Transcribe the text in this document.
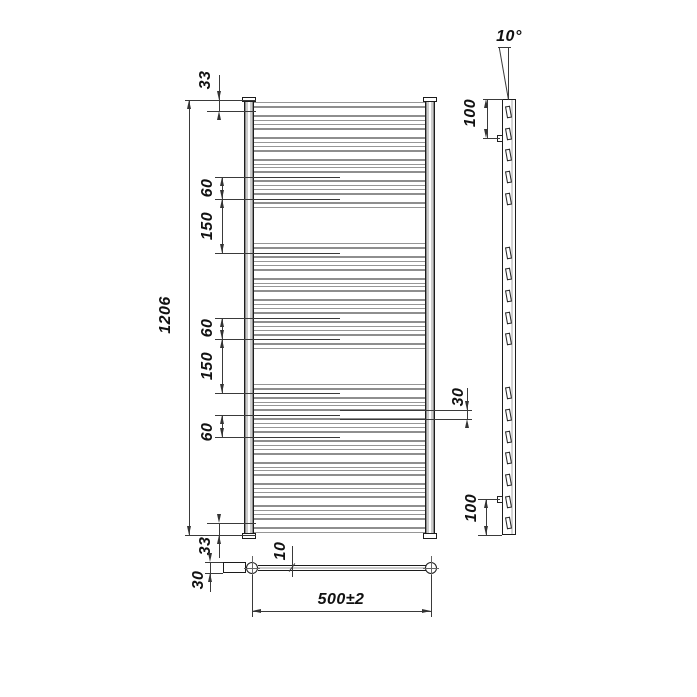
1206
33
60
150
60
150
60
33
30
30
10
100
100
500±2
10°
